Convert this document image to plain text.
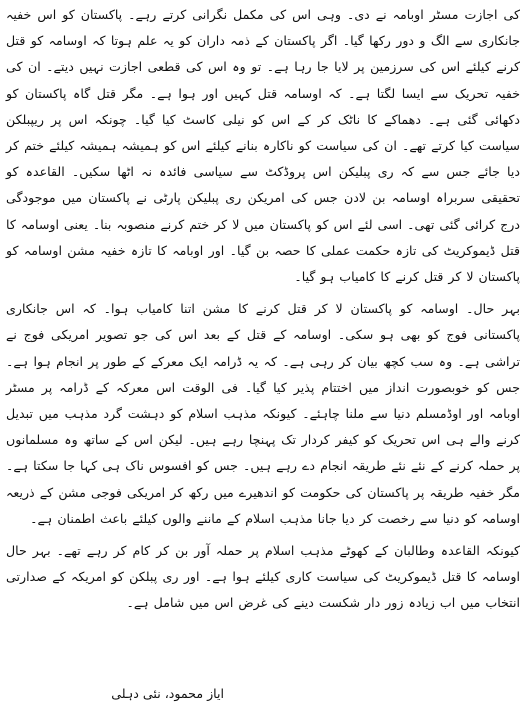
کی اجازت مسٹر اوبامہ نے دی۔ وہی اس کی مکمل نگرانی کرتے رہے۔ پاکستان کو اس خفیہ جانکاری سے الگ و دور رکھا گیا۔ اگر پاکستان کے ذمہ داران کو یہ علم ہوتا کہ اوسامہ کو قتل کرنے کیلئے اس کی سرزمین پر لایا جا رہا ہے۔ تو وہ اس کی قطعی اجازت نہیں دیتے۔ ان کی خفیہ تحریک سے ایسا لگتا ہے۔ کہ اوسامہ قتل کہیں اور ہوا ہے۔ مگر قتل گاہ پاکستان کو دکھائی گئی ہے۔ دھماکے کا ناٹک کر کے اس کو نیلی کاسٹ کیا گیا۔ چونکہ اس پر ریپبلکن سیاست کیا کرتے تھے۔ ان کی سیاست کو ناکارہ بنانے کیلئے اس کو ہمیشہ ہمیشہ کیلئے ختم کر دیا جائے جس سے کہ ری پبلیکن اس پروڈکٹ سے سیاسی فائدہ نہ اٹھا سکیں۔ القاعدہ کو تحقیقی سربراہ اوسامہ بن لادن جس کی امریکن ری پبلیکن پارٹی نے پاکستان میں موجودگی درج کرائی گئی تھی۔ اسی لئے اس کو پاکستان میں لا کر ختم کرنے منصوبہ بنا۔ یعنی اوسامہ کا قتل ڈیموکریٹ کی تازہ حکمت عملی کا حصہ بن گیا۔ اور اوبامہ کا تازہ خفیہ مشن اوسامہ کو پاکستان لا کر قتل کرنے کا کامیاب ہو گیا۔

بہر حال۔ اوسامہ کو پاکستان لا کر قتل کرنے کا مشن اتنا کامیاب ہوا۔ کہ اس جانکاری پاکستانی فوج کو بھی ہو سکی۔ اوسامہ کے قتل کے بعد اس کی جو تصویر امریکی فوج نے تراشی ہے۔ وہ سب کچھ بیان کر رہی ہے۔ کہ یہ ڈرامہ ایک معرکے کے طور پر انجام ہوا ہے۔ جس کو خوبصورت انداز میں اختتام پذیر کیا گیا۔ فی الوقت اس معرکہ کے ڈرامہ پر مسٹر اوبامہ اور اوڈمسلم دنیا سے ملنا چاہئے۔ کیونکہ مذہب اسلام کو دہشت گرد مذہب میں تبدیل کرنے والے ہی اس تحریک کو کیفر کردار تک پہنچا رہے ہیں۔ لیکن اس کے ساتھ وہ مسلمانوں پر حملہ کرنے کے نئے نئے طریقہ انجام دے رہے ہیں۔ جس کو افسوس ناک ہی کہا جا سکتا ہے۔ مگر خفیہ طریقہ پر پاکستان کی حکومت کو اندھیرے میں رکھ کر امریکی فوجی مشن کے ذریعہ اوسامہ کو دنیا سے رخصت کر دیا جانا مذہب اسلام کے ماننے والوں کیلئے باعث اطمنان ہے۔

کیونکہ القاعدہ وطالبان کے کھوٹے مذہب اسلام پر حملہ آور بن کر کام کر رہے تھے۔ بہر حال اوسامہ کا قتل ڈیموکریٹ کی سیاست کاری کیلئے ہوا ہے۔ اور ری پبلکن کو امریکہ کے صدارتی انتخاب میں اب زیادہ زور دار شکست دینے کی غرض اس میں شامل ہے۔

ایاز محمود، نئی دہلی
